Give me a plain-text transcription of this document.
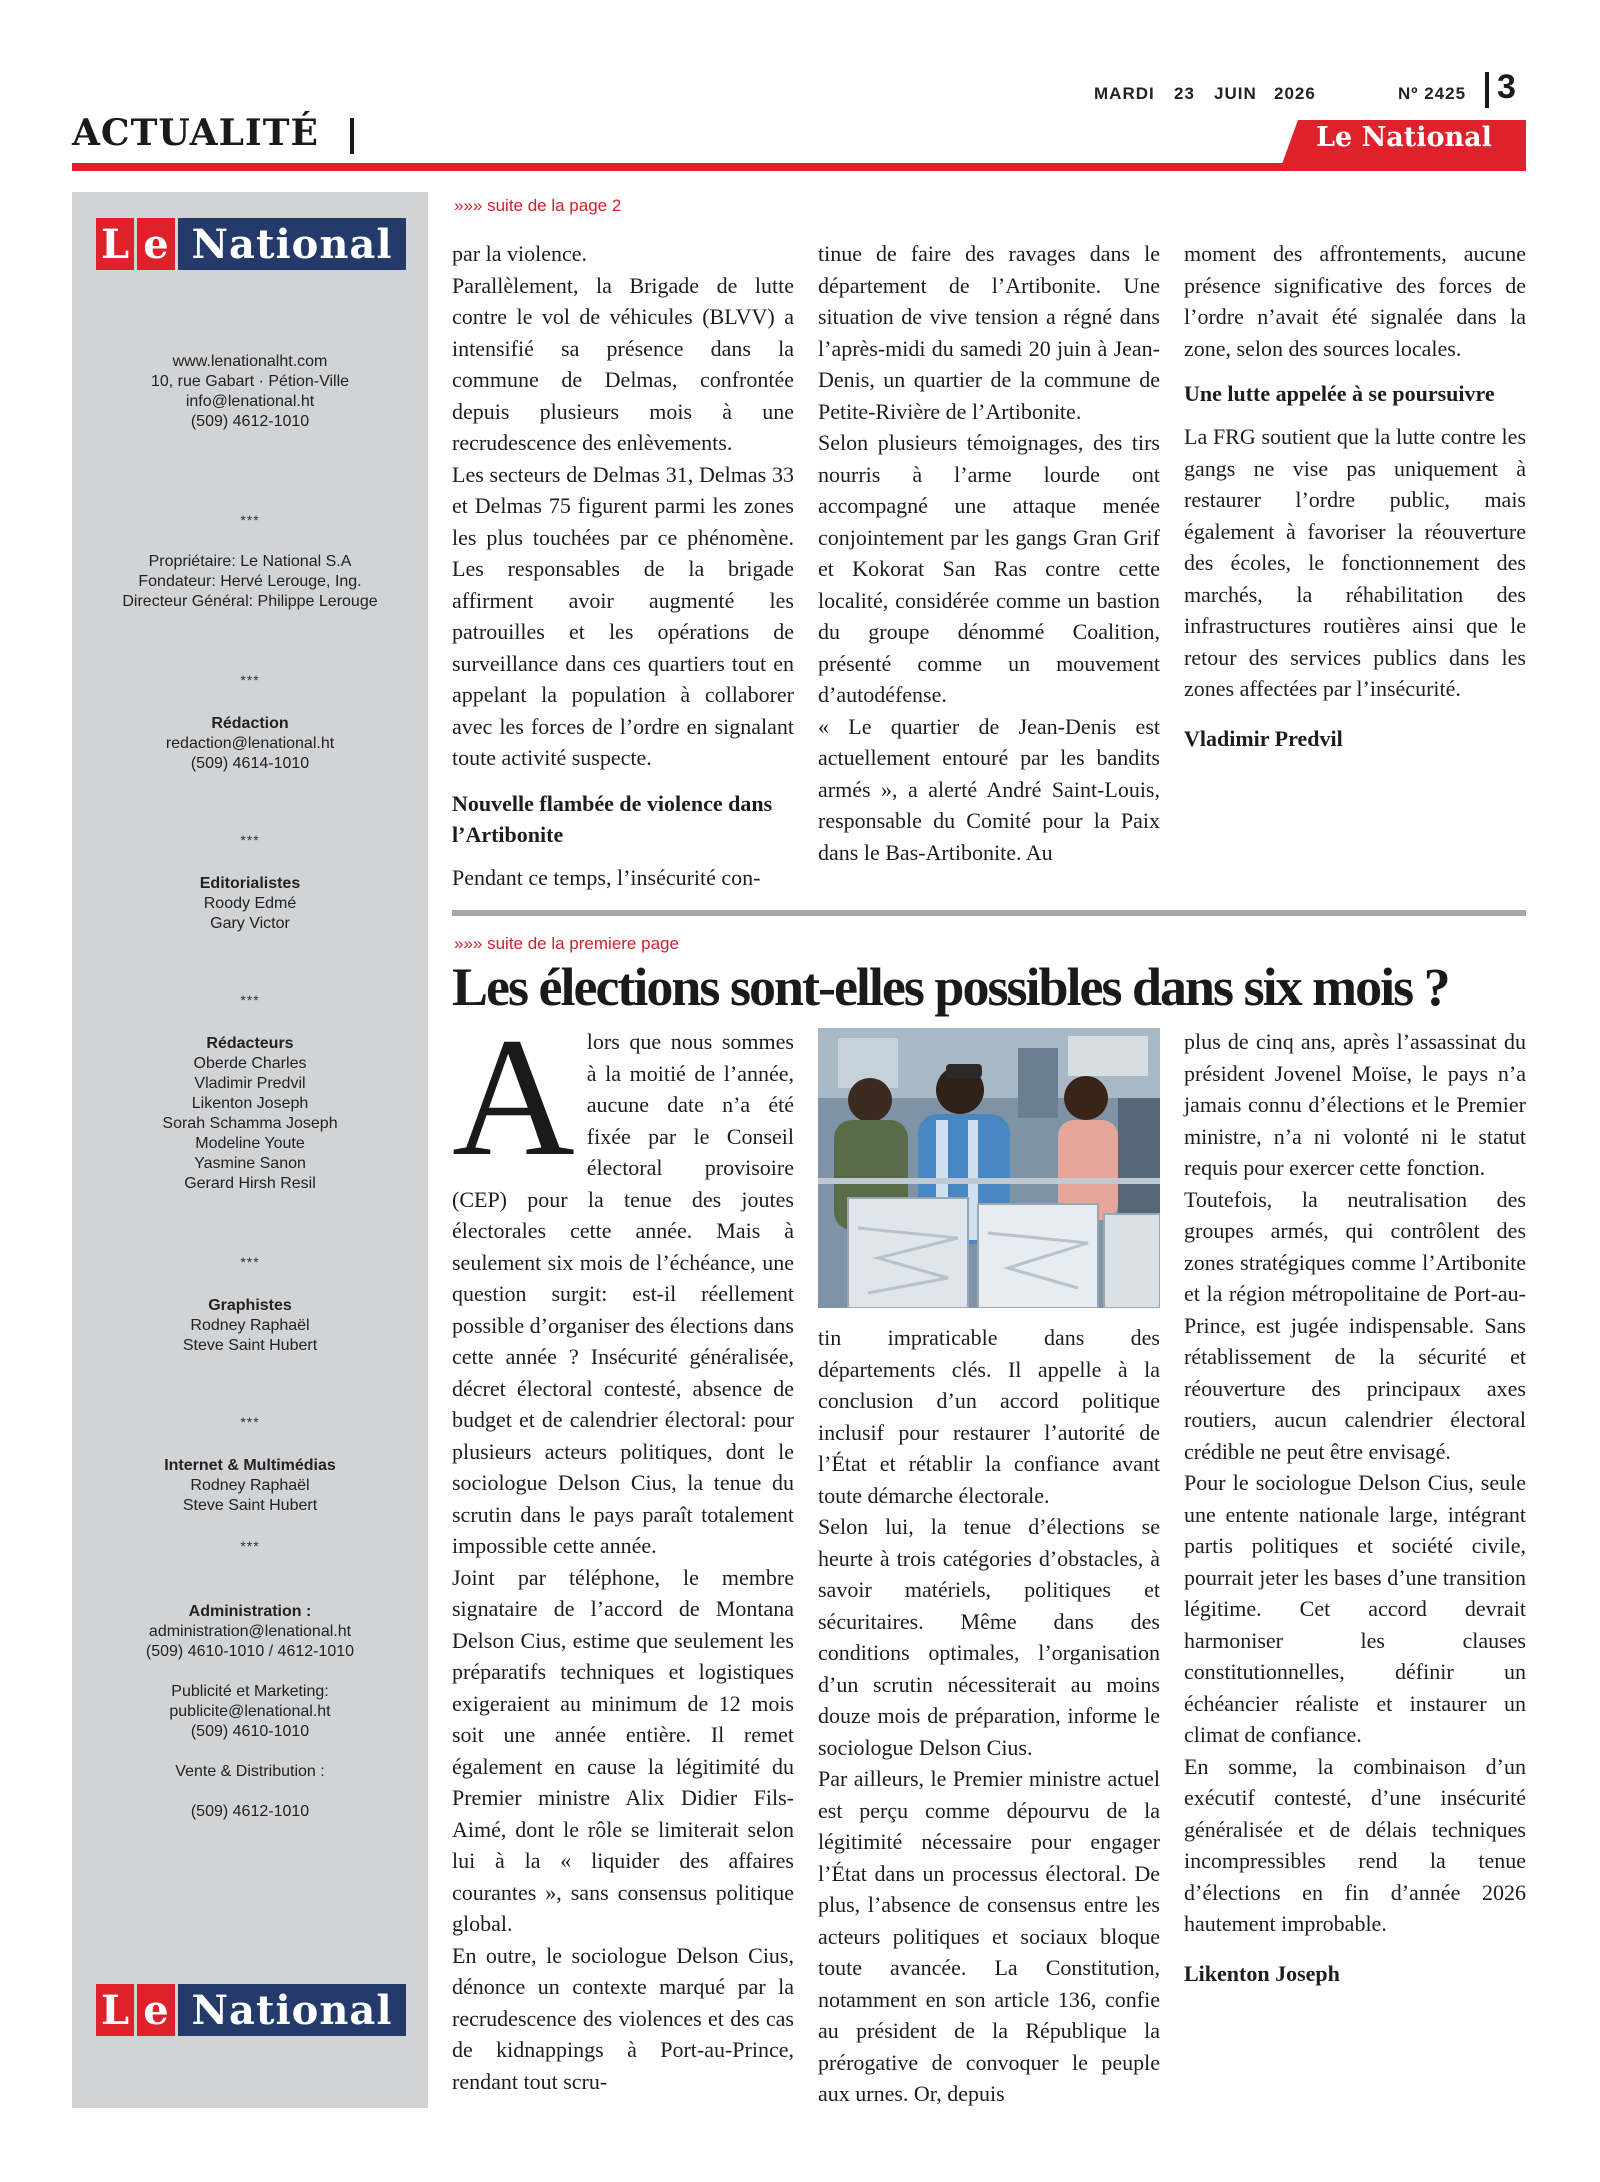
ACTUALITÉ
MARDI 23 JUIN 2026	Nº 2425 3
Le National
L e National
www.lenationalht.com
10, rue Gabart · Pétion-Ville
info@lenational.ht
(509) 4612-1010
***
Propriétaire: Le National S.A
Fondateur: Hervé Lerouge, Ing.
Directeur Général: Philippe Lerouge
***
Rédaction
redaction@lenational.ht
(509) 4614-1010
***
Editorialistes
Roody Edmé
Gary Victor
***
Rédacteurs
Oberde Charles
Vladimir Predvil
Likenton Joseph
Sorah Schamma Joseph
Modeline Youte
Yasmine Sanon
Gerard Hirsh Resil
***
Graphistes
Rodney Raphaël
Steve Saint Hubert
***
Internet & Multimédias
Rodney Raphaël
Steve Saint Hubert
***
Administration :
administration@lenational.ht
(509) 4610-1010 / 4612-1010
Publicité et Marketing:
publicite@lenational.ht
(509) 4610-1010
Vente & Distribution :
(509) 4612-1010
L e National
»»» suite de la page 2

par la violence.

Parallèlement, la Brigade de lutte contre le vol de véhicules (BLVV) a intensifié sa présence dans la commune de Delmas, confrontée depuis plusieurs mois à une recrudescence des enlèvements.

Les secteurs de Delmas 31, Delmas 33 et Delmas 75 figurent parmi les zones les plus touchées par ce phénomène. Les responsables de la brigade affirment avoir augmenté les patrouilles et les opérations de surveillance dans ces quartiers tout en appelant la population à collaborer avec les forces de l’ordre en signalant toute activité suspecte.

Nouvelle flambée de violence dans l’Artibonite

Pendant ce temps, l’insécurité con-

tinue de faire des ravages dans le département de l’Artibonite. Une situation de vive tension a régné dans l’après-midi du samedi 20 juin à Jean-Denis, un quartier de la commune de Petite-Rivière de l’Artibonite.

Selon plusieurs témoignages, des tirs nourris à l’arme lourde ont accompagné une attaque menée conjointement par les gangs Gran Grif et Kokorat San Ras contre cette localité, considérée comme un bastion du groupe dénommé Coalition, présenté comme un mouvement d’autodéfense.

« Le quartier de Jean-Denis est actuellement entouré par les bandits armés », a alerté André Saint-Louis, responsable du Comité pour la Paix dans le Bas-Artibonite. Au

moment des affrontements, aucune présence significative des forces de l’ordre n’avait été signalée dans la zone, selon des sources locales.

Une lutte appelée à se poursuivre

La FRG soutient que la lutte contre les gangs ne vise pas uniquement à restaurer l’ordre public, mais également à favoriser la réouverture des écoles, le fonctionnement des marchés, la réhabilitation des infrastructures routières ainsi que le retour des services publics dans les zones affectées par l’insécurité.

Vladimir Predvil
»»» suite de la premiere page
Les élections sont-elles possibles dans six mois ?
A lors que nous sommes à la moitié de l’année, aucune date n’a été fixée par le Conseil électoral provisoire (CEP) pour la tenue des joutes électorales cette année. Mais à seulement six mois de l’échéance, une question surgit: est-il réellement possible d’organiser des élections dans cette année ? Insécurité généralisée, décret électoral contesté, absence de budget et de calendrier électoral: pour plusieurs acteurs politiques, dont le sociologue Delson Cius, la tenue du scrutin dans le pays paraît totalement impossible cette année.

Joint par téléphone, le membre signataire de l’accord de Montana Delson Cius, estime que seulement les préparatifs techniques et logistiques exigeraient au minimum de 12 mois soit une année entière. Il remet également en cause la légitimité du Premier ministre Alix Didier Fils-Aimé, dont le rôle se limiterait selon lui à la « liquider des affaires courantes », sans consensus politique global.

En outre, le sociologue Delson Cius, dénonce un contexte marqué par la recrudescence des violences et des cas de kidnappings à Port-au-Prince, rendant tout scru-

tin impraticable dans des départements clés. Il appelle à la conclusion d’un accord politique inclusif pour restaurer l’autorité de l’État et rétablir la confiance avant toute démarche électorale.

Selon lui, la tenue d’élections se heurte à trois catégories d’obstacles, à savoir matériels, politiques et sécuritaires. Même dans des conditions optimales, l’organisation d’un scrutin nécessiterait au moins douze mois de préparation, informe le sociologue Delson Cius.

Par ailleurs, le Premier ministre actuel est perçu comme dépourvu de la légitimité nécessaire pour engager l’État dans un processus électoral. De plus, l’absence de consensus entre les acteurs politiques et sociaux bloque toute avancée. La Constitution, notamment en son article 136, confie au président de la République la prérogative de convoquer le peuple aux urnes. Or, depuis

plus de cinq ans, après l’assassinat du président Jovenel Moïse, le pays n’a jamais connu d’élections et le Premier ministre, n’a ni volonté ni le statut requis pour exercer cette fonction.

Toutefois, la neutralisation des groupes armés, qui contrôlent des zones stratégiques comme l’Artibonite et la région métropolitaine de Port-au-Prince, est jugée indispensable. Sans rétablissement de la sécurité et réouverture des principaux axes routiers, aucun calendrier électoral crédible ne peut être envisagé.

Pour le sociologue Delson Cius, seule une entente nationale large, intégrant partis politiques et société civile, pourrait jeter les bases d’une transition légitime. Cet accord devrait harmoniser les clauses constitutionnelles, définir un échéancier réaliste et instaurer un climat de confiance.

En somme, la combinaison d’un exécutif contesté, d’une insécurité généralisée et de délais techniques incompressibles rend la tenue d’élections en fin d’année 2026 hautement improbable.

Likenton Joseph
